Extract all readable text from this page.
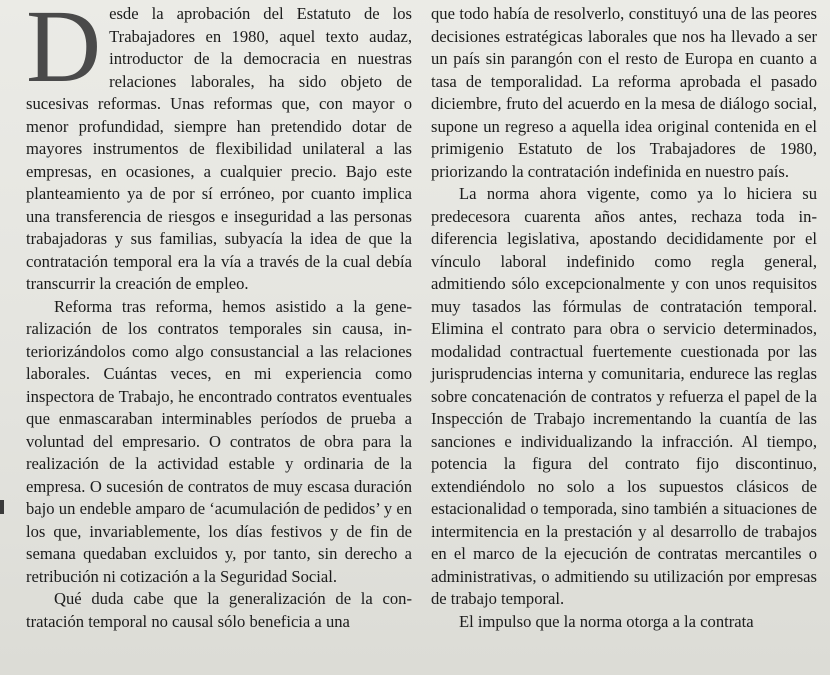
Desde la aprobación del Estatuto de los Trabajadores en 1980, aquel texto audaz, introductor de la democracia en nuestras relaciones laborales, ha sido objeto de sucesivas reformas. Unas reformas que, con mayor o menor profundidad, siempre han pretendido dotar de mayores instrumentos de flexibilidad unilateral a las empresas, en ocasiones, a cualquier precio. Bajo este planteamiento ya de por sí erróneo, por cuanto implica una transferencia de riesgos e inseguridad a las personas trabajadoras y sus familias, subyacía la idea de que la contratación temporal era la vía a través de la cual debía transcurrir la creación de empleo.

Reforma tras reforma, hemos asistido a la generalización de los contratos temporales sin causa, interiorizándolos como algo consustancial a las relaciones laborales. Cuántas veces, en mi experiencia como inspectora de Trabajo, he encontrado contratos eventuales que enmascaraban interminables períodos de prueba a voluntad del empresario. O contratos de obra para la realización de la actividad estable y ordinaria de la empresa. O sucesión de contratos de muy escasa duración bajo un endeble amparo de ‘acumulación de pedidos’ y en los que, invariablemente, los días festivos y de fin de semana quedaban excluidos y, por tanto, sin derecho a retribución ni cotización a la Seguridad Social.

Qué duda cabe que la generalización de la contratación temporal no causal sólo beneficia a una

que todo había de resolverlo, constituyó una de las peores decisiones estratégicas laborales que nos ha llevado a ser un país sin parangón con el resto de Europa en cuanto a tasa de temporalidad. La reforma aprobada el pasado diciembre, fruto del acuerdo en la mesa de diálogo social, supone un regreso a aquella idea original contenida en el primigenio Estatuto de los Trabajadores de 1980, priorizando la contratación indefinida en nuestro país.

La norma ahora vigente, como ya lo hiciera su predecesora cuarenta años antes, rechaza toda indiferencia legislativa, apostando decididamente por el vínculo laboral indefinido como regla general, admitiendo sólo excepcionalmente y con unos requisitos muy tasados las fórmulas de contratación temporal. Elimina el contrato para obra o servicio determinados, modalidad contractual fuertemente cuestionada por las jurisprudencias interna y comunitaria, endurece las reglas sobre concatenación de contratos y refuerza el papel de la Inspección de Trabajo incrementando la cuantía de las sanciones e individualizando la infracción. Al tiempo, potencia la figura del contrato fijo discontinuo, extendiéndolo no solo a los supuestos clásicos de estacionalidad o temporada, sino también a situaciones de intermitencia en la prestación y al desarrollo de trabajos en el marco de la ejecución de contratas mercantiles o administrativas, o admitiendo su utilización por empresas de trabajo temporal.

El impulso que la norma otorga a la contrata
